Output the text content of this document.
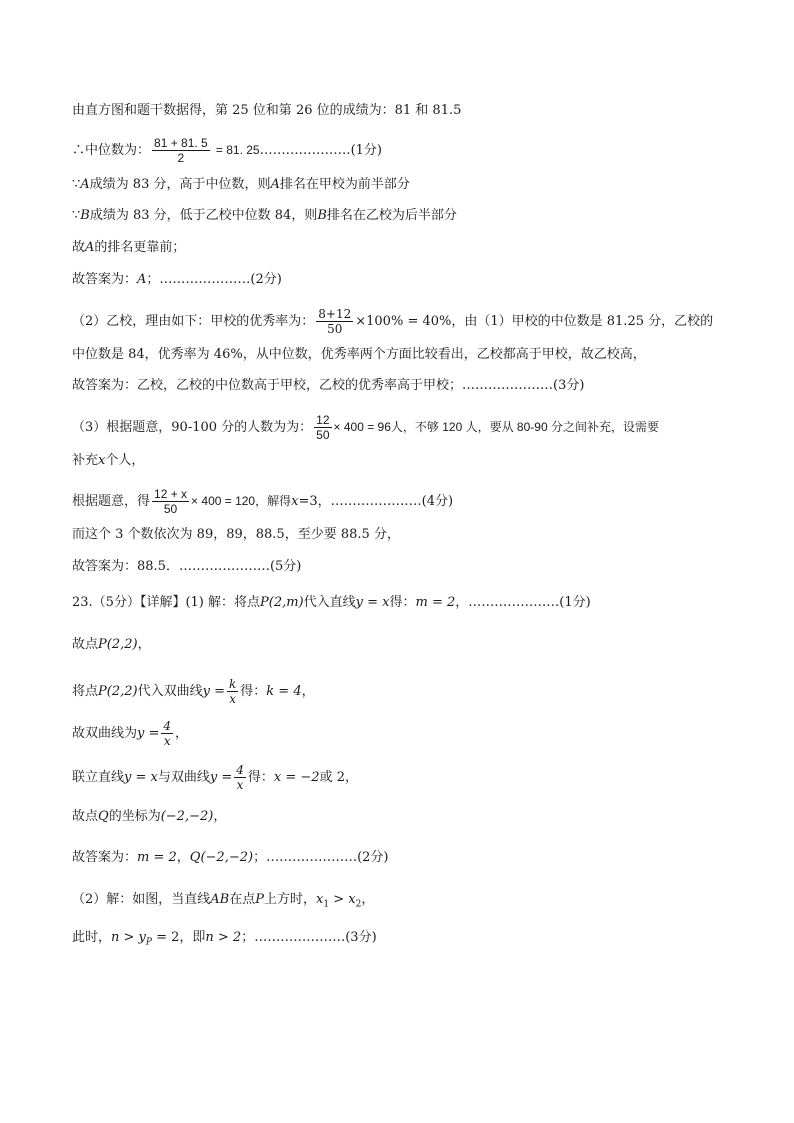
由直方图和题干数据得，第 25 位和第 26 位的成绩为：81 和 81.5
∴中位数为： $\frac{81 + 81. 5}{2} = 81$. 25…………………(1分)
∵A成绩为 83 分，高于中位数，则A排名在甲校为前半部分
∵B成绩为 83 分，低于乙校中位数 84，则B排名在乙校为后半部分
故A的排名更靠前；
故答案为：A；…………………(2分)
（2）乙校，理由如下：甲校的优秀率为： $\frac{8+12}{50} \times 100\% = 40\%$，由（1）甲校的中位数是 81.25 分，乙校的
中位数是 84，优秀率为 46%，从中位数，优秀率两个方面比较看出，乙校都高于甲校，故乙校高，
故答案为：乙校，乙校的中位数高于甲校，乙校的优秀率高于甲校；…………………(3分)
（3）根据题意，90-100 分的人数为为： $\frac{12}{50} \times 400 = 96$人，不够 120 人，要从 80-90 分之间补充，设需要
补充x个人，
根据题意，得 $\frac{12 + x}{50} \times 400 = 120$，解得x=3，…………………(4分)
而这个 3 个数依次为 89，89，88.5，至少要 88.5 分，
故答案为：88.5．…………………(5分)
23.（5分）【详解】(1) 解：将点P(2,m)代入直线y = x得：m = 2，…………………(1分)
故点P(2,2)，
将点P(2,2)代入双曲线$y = \frac{k}{x}$ 得：k = 4，
故双曲线为$y = \frac{4}{x}$ ，
联立直线y = x与双曲线$y = \frac{4}{x}$ 得：x = −2或 2，
故点Q的坐标为(−2,−2)，
故答案为：m = 2，Q(−2,−2)；…………………(2分)
（2）解：如图，当直线AB在点P上方时，$x_1 > x_2$，
此时，$n > y_P = 2$，即n > 2；…………………(3分)
